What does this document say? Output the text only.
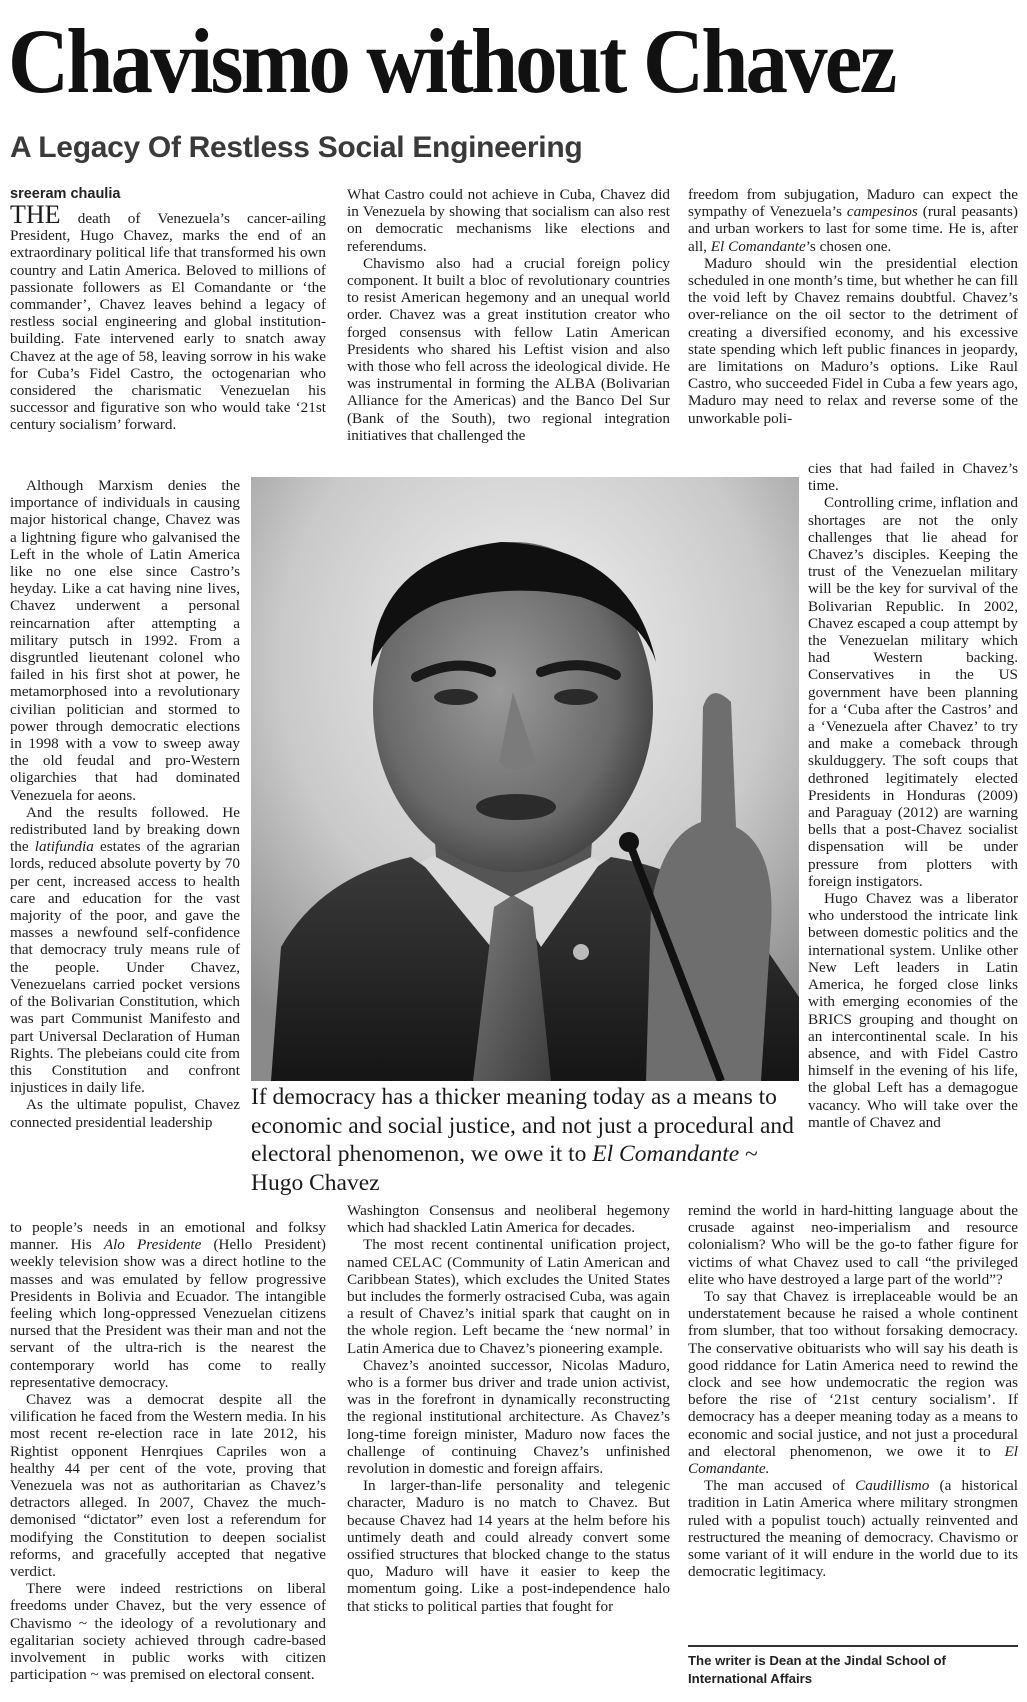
Chavismo without Chavez
A Legacy Of Restless Social Engineering
sreeram chaulia

THE death of Venezuela’s cancer-ailing President, Hugo Chavez, marks the end of an extraordinary political life that transformed his own country and Latin America. Beloved to millions of passionate followers as El Comandante or ‘the commander’, Chavez leaves behind a legacy of restless social engineering and global institution-building. Fate intervened early to snatch away Chavez at the age of 58, leaving sorrow in his wake for Cuba’s Fidel Castro, the octogenarian who considered the charismatic Venezuelan his successor and figurative son who would take ‘21st century socialism’ forward.

Although Marxism denies the importance of individuals in causing major historical change, Chavez was a lightning figure who galvanised the Left in the whole of Latin America like no one else since Castro’s heyday. Like a cat having nine lives, Chavez underwent a personal reincarnation after attempting a military putsch in 1992. From a disgruntled lieutenant colonel who failed in his first shot at power, he metamorphosed into a revolutionary civilian politician and stormed to power through democratic elections in 1998 with a vow to sweep away the old feudal and pro-Western oligarchies that had dominated Venezuela for aeons.

And the results followed. He redistributed land by breaking down the latifundia estates of the agrarian lords, reduced absolute poverty by 70 per cent, increased access to health care and education for the vast majority of the poor, and gave the masses a newfound self-confidence that democracy truly means rule of the people. Under Chavez, Venezuelans carried pocket versions of the Bolivarian Constitution, which was part Communist Manifesto and part Universal Declaration of Human Rights. The plebeians could cite from this Constitution and confront injustices in daily life.

As the ultimate populist, Chavez connected presidential leadership

to people’s needs in an emotional and folksy manner. His Alo Presidente (Hello President) weekly television show was a direct hotline to the masses and was emulated by fellow progressive Presidents in Bolivia and Ecuador. The intangible feeling which long-oppressed Venezuelan citizens nursed that the President was their man and not the servant of the ultra-rich is the nearest the contemporary world has come to really representative democracy.

Chavez was a democrat despite all the vilification he faced from the Western media. In his most recent re-election race in late 2012, his Rightist opponent Henrqiues Capriles won a healthy 44 per cent of the vote, proving that Venezuela was not as authoritarian as Chavez’s detractors alleged. In 2007, Chavez the much-demonised “dictator” even lost a referendum for modifying the Constitution to deepen socialist reforms, and gracefully accepted that negative verdict.

There were indeed restrictions on liberal freedoms under Chavez, but the very essence of Chavismo ~ the ideology of a revolutionary and egalitarian society achieved through cadre-based involvement in public works with citizen participation ~ was premised on electoral consent.

What Castro could not achieve in Cuba, Chavez did in Venezuela by showing that socialism can also rest on democratic mechanisms like elections and referendums.

Chavismo also had a crucial foreign policy component. It built a bloc of revolutionary countries to resist American hegemony and an unequal world order. Chavez was a great institution creator who forged consensus with fellow Latin American Presidents who shared his Leftist vision and also with those who fell across the ideological divide. He was instrumental in forming the ALBA (Bolivarian Alliance for the Americas) and the Banco Del Sur (Bank of the South), two regional integration initiatives that challenged the

Washington Consensus and neoliberal hegemony which had shackled Latin America for decades.

The most recent continental unification project, named CELAC (Community of Latin American and Caribbean States), which excludes the United States but includes the formerly ostracised Cuba, was again a result of Chavez’s initial spark that caught on in the whole region. Left became the ‘new normal’ in Latin America due to Chavez’s pioneering example.

Chavez’s anointed successor, Nicolas Maduro, who is a former bus driver and trade union activist, was in the forefront in dynamically reconstructing the regional institutional architecture. As Chavez’s long-time foreign minister, Maduro now faces the challenge of continuing Chavez’s unfinished revolution in domestic and foreign affairs.

In larger-than-life personality and telegenic character, Maduro is no match to Chavez. But because Chavez had 14 years at the helm before his untimely death and could already convert some ossified structures that blocked change to the status quo, Maduro will have it easier to keep the momentum going. Like a post-independence halo that sticks to political parties that fought for

freedom from subjugation, Maduro can expect the sympathy of Venezuela’s campesinos (rural peasants) and urban workers to last for some time. He is, after all, El Comandante’s chosen one.

Maduro should win the presidential election scheduled in one month’s time, but whether he can fill the void left by Chavez remains doubtful. Chavez’s over-reliance on the oil sector to the detriment of creating a diversified economy, and his excessive state spending which left public finances in jeopardy, are limitations on Maduro’s options. Like Raul Castro, who succeeded Fidel in Cuba a few years ago, Maduro may need to relax and reverse some of the unworkable poli-

cies that had failed in Chavez’s time.

Controlling crime, inflation and shortages are not the only challenges that lie ahead for Chavez’s disciples. Keeping the trust of the Venezuelan military will be the key for survival of the Bolivarian Republic. In 2002, Chavez escaped a coup attempt by the Venezuelan military which had Western backing. Conservatives in the US government have been planning for a ‘Cuba after the Castros’ and a ‘Venezuela after Chavez’ to try and make a comeback through skulduggery. The soft coups that dethroned legitimately elected Presidents in Honduras (2009) and Paraguay (2012) are warning bells that a post-Chavez socialist dispensation will be under pressure from plotters with foreign instigators.

Hugo Chavez was a liberator who understood the intricate link between domestic politics and the international system. Unlike other New Left leaders in Latin America, he forged close links with emerging economies of the BRICS grouping and thought on an intercontinental scale. In his absence, and with Fidel Castro himself in the evening of his life, the global Left has a demagogue vacancy. Who will take over the mantle of Chavez and

remind the world in hard-hitting language about the crusade against neo-imperialism and resource colonialism? Who will be the go-to father figure for victims of what Chavez used to call “the privileged elite who have destroyed a large part of the world”?

To say that Chavez is irreplaceable would be an understatement because he raised a whole continent from slumber, that too without forsaking democracy. The conservative obituarists who will say his death is good riddance for Latin America need to rewind the clock and see how undemocratic the region was before the rise of ‘21st century socialism’. If democracy has a deeper meaning today as a means to economic and social justice, and not just a procedural and electoral phenomenon, we owe it to El Comandante.

The man accused of Caudillismo (a historical tradition in Latin America where military strongmen ruled with a populist touch) actually reinvented and restructured the meaning of democracy. Chavismo or some variant of it will endure in the world due to its democratic legitimacy.

If democracy has a thicker meaning today as a means to economic and social justice, and not just a procedural and electoral phenomenon, we owe it to El Comandante ~ Hugo Chavez

The writer is Dean at the Jindal School of International Affairs
